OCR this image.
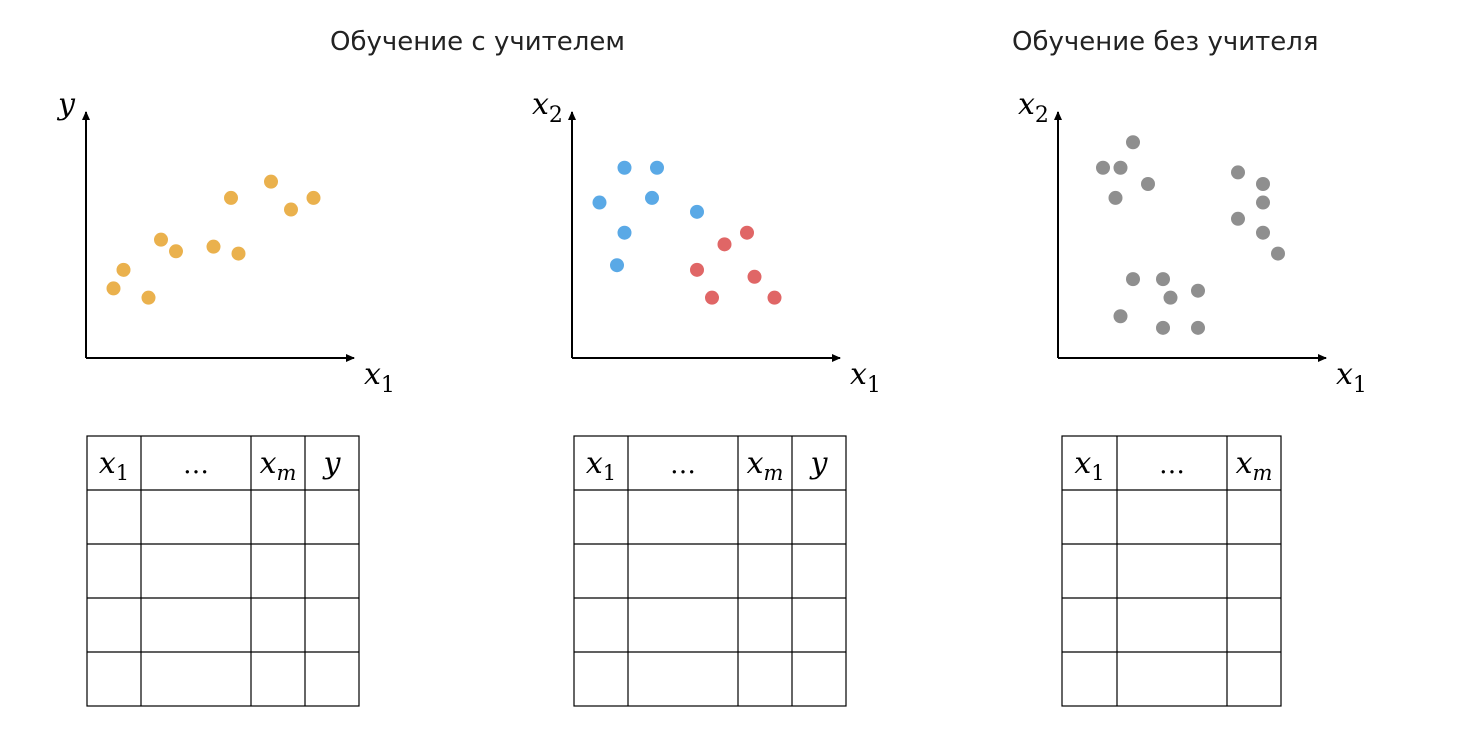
Обучение с учителем	Обучение без учителя
$x_1$
y
$x_1$
$x_2$
$x_1$
$x_2$
$x_1$ … $x_m$ y	$x_1$ … $x_m$ y	$x_1$ … $x_m$
